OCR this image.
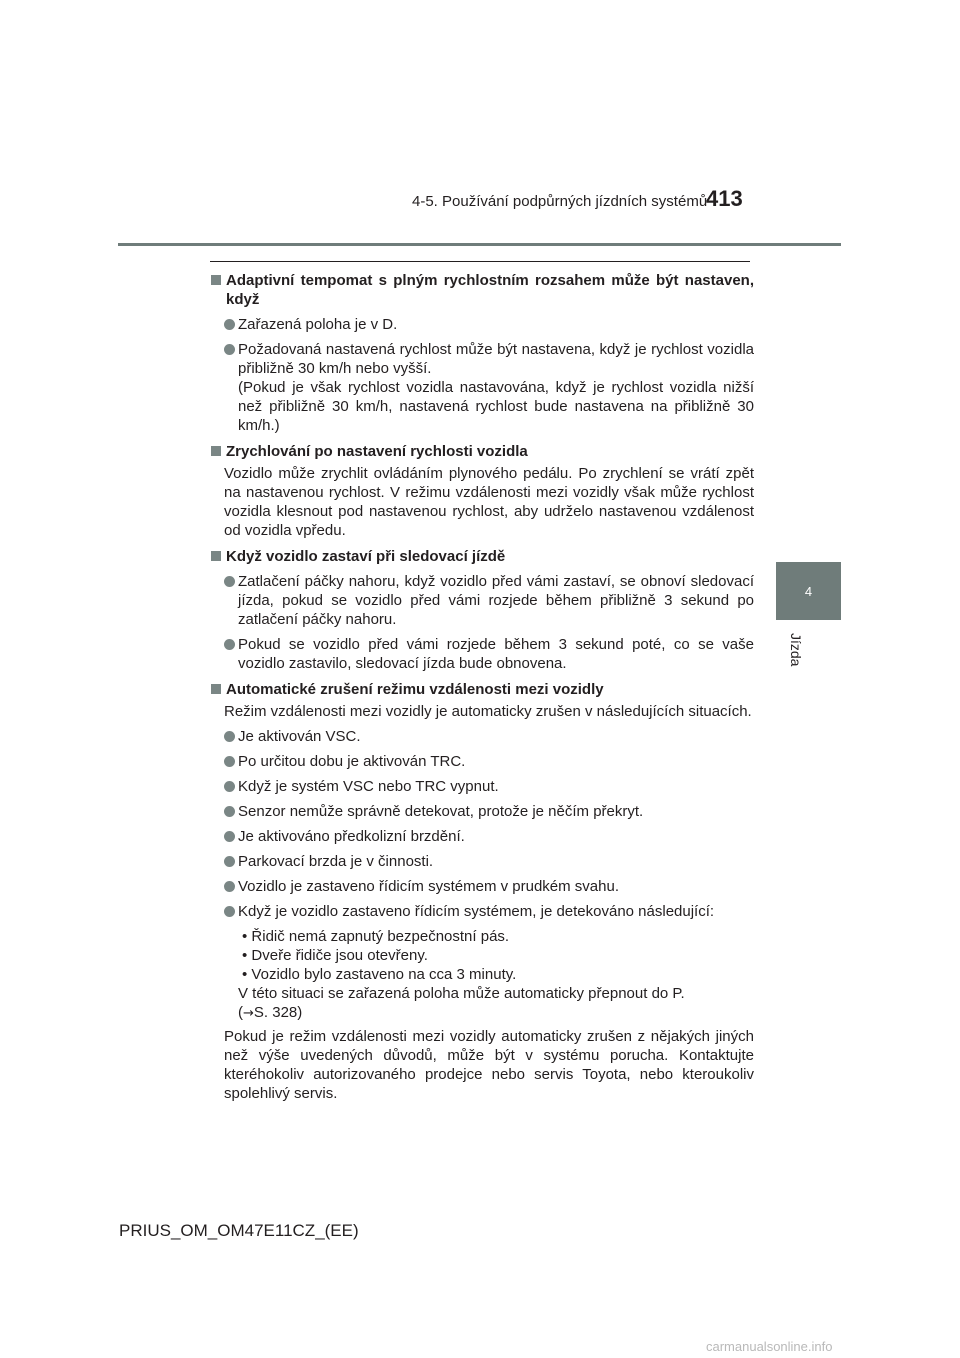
4-5. Používání podpůrných jízdních systémů
413
4
Jízda
Adaptivní tempomat s plným rychlostním rozsahem může být nastaven, když
Zařazená poloha je v D.
Požadovaná nastavená rychlost může být nastavena, když je rychlost vozidla přibližně 30 km/h nebo vyšší.
(Pokud je však rychlost vozidla nastavována, když je rychlost vozidla nižší než přibližně 30 km/h, nastavená rychlost bude nastavena na přibližně 30 km/h.)
Zrychlování po nastavení rychlosti vozidla
Vozidlo může zrychlit ovládáním plynového pedálu. Po zrychlení se vrátí zpět na nastavenou rychlost. V režimu vzdálenosti mezi vozidly však může rychlost vozidla klesnout pod nastavenou rychlost, aby udrželo nastavenou vzdálenost od vozidla vpředu.
Když vozidlo zastaví při sledovací jízdě
Zatlačení páčky nahoru, když vozidlo před vámi zastaví, se obnoví sledovací jízda, pokud se vozidlo před vámi rozjede během přibližně 3 sekund po zatlačení páčky nahoru.
Pokud se vozidlo před vámi rozjede během 3 sekund poté, co se vaše vozidlo zastavilo, sledovací jízda bude obnovena.
Automatické zrušení režimu vzdálenosti mezi vozidly
Režim vzdálenosti mezi vozidly je automaticky zrušen v následujících situacích.
Je aktivován VSC.
Po určitou dobu je aktivován TRC.
Když je systém VSC nebo TRC vypnut.
Senzor nemůže správně detekovat, protože je něčím překryt.
Je aktivováno předkolizní brzdění.
Parkovací brzda je v činnosti.
Vozidlo je zastaveno řídicím systémem v prudkém svahu.
Když je vozidlo zastaveno řídicím systémem, je detekováno následující:
• Řidič nemá zapnutý bezpečnostní pás.
• Dveře řidiče jsou otevřeny.
• Vozidlo bylo zastaveno na cca 3 minuty.
V této situaci se zařazená poloha může automaticky přepnout do P.
(→S. 328)
Pokud je režim vzdálenosti mezi vozidly automaticky zrušen z nějakých jiných než výše uvedených důvodů, může být v systému porucha. Kontaktujte kteréhokoliv autorizovaného prodejce nebo servis Toyota, nebo kteroukoliv spolehlivý servis.
PRIUS_OM_OM47E11CZ_(EE)
carmanualsonline.info
